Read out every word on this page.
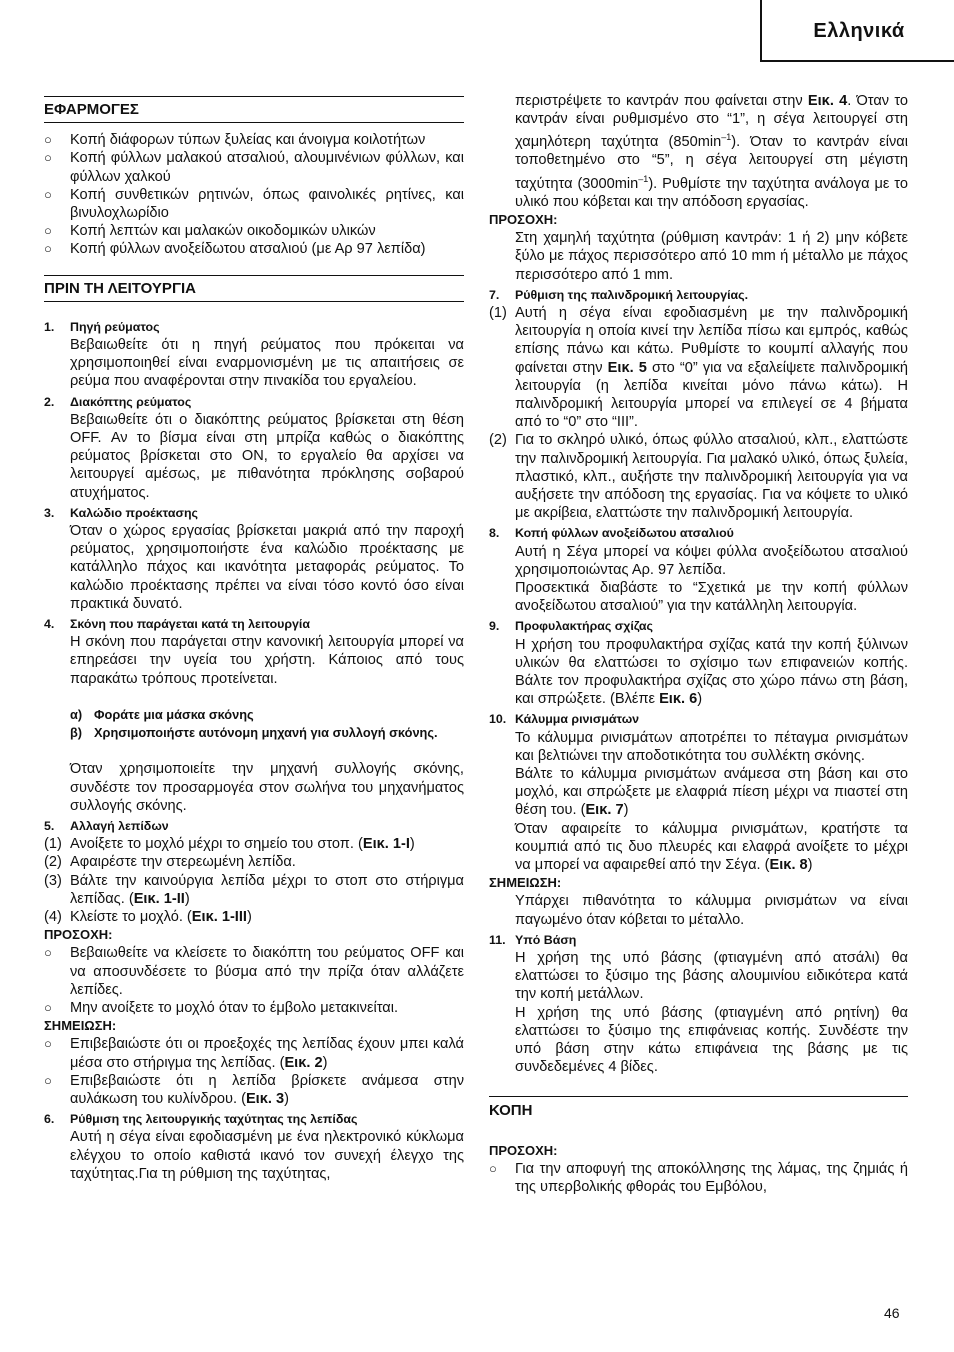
Ελληνικά
ΕΦΑΡΜΟΓΕΣ
○	Κοπή διάφορων τύπων ξυλείας και άνοιγμα κοιλοτήτων
○	Κοπή φύλλων μαλακού ατσαλιού, αλουμινένιων φύλλων, και φύλλων χαλκού
○	Κοπή συνθετικών ρητινών, όπως φαινολικές ρητίνες, και βινυλοχλωρίδιο
○	Κοπή λεπτών και μαλακών οικοδομικών υλικών
○	Κοπή φύλλων ανοξείδωτου ατσαλιού (με Αρ 97 λεπίδα)
ΠΡΙΝ ΤΗ ΛΕΙΤΟΥΡΓΙΑ
1.	Πηγή ρεύματος
Βεβαιωθείτε ότι η πηγή ρεύματος που πρόκειται να χρησιμοποιηθεί είναι εναρμονισμένη με τις απαιτήσεις σε ρεύμα που αναφέρονται στην πινακίδα του εργαλείου.
2.	Διακόπτης ρεύματος
Βεβαιωθείτε ότι ο διακόπτης ρεύματος βρίσκεται στη θέση OFF. Αν το βίσμα είναι στη μπρίζα καθώς ο διακόπτης ρεύματος βρίσκεται στο ON, το εργαλείο θα αρχίσει να λειτουργεί αμέσως, με πιθανότητα πρόκλησης σοβαρού ατυχήματος.
3.	Καλώδιο προέκτασης
Όταν ο χώρος εργασίας βρίσκεται μακριά από την παροχή ρεύματος, χρησιμοποιήστε ένα καλώδιο προέκτασης με κατάλληλο πάχος και ικανότητα μεταφοράς ρεύματος. Το καλώδιο προέκτασης πρέπει να είναι τόσο κοντό όσο είναι πρακτικά δυνατό.
4.	Σκόνη που παράγεται κατά τη λειτουργία
Η σκόνη που παράγεται στην κανονική λειτουργία μπορεί να επηρεάσει την υγεία του χρήστη. Κάποιος από τους παρακάτω τρόπους προτείνεται.
α) Φοράτε μια μάσκα σκόνης
β) Χρησιμοποιήστε αυτόνομη μηχανή για συλλογή σκόνης.
Όταν χρησιμοποιείτε την μηχανή συλλογής σκόνης, συνδέστε τον προσαρμογέα στον σωλήνα του μηχανήματος συλλογής σκόνης.
5.	Αλλαγή λεπίδων
(1) Ανοίξετε το μοχλό μέχρι το σημείο του στοπ. (Εικ. 1-I)
(2) Αφαιρέστε την στερεωμένη λεπίδα.
(3) Βάλτε την καινούργια λεπίδα μέχρι το στοπ στο στήριγμα λεπίδας. (Εικ. 1-II)
(4) Κλείστε το μοχλό. (Εικ. 1-III)
ΠΡΟΣΟΧΗ:
○	Βεβαιωθείτε να κλείσετε το διακόπτη του ρεύματος OFF και να αποσυνδέσετε το βύσμα από την πρίζα όταν αλλάζετε λεπίδες.
○	Μην ανοίξετε το μοχλό όταν το έμβολο μετακινείται.
ΣΗΜΕΙΩΣΗ:
○	Επιβεβαιώστε ότι οι προεξοχές της λεπίδας έχουν μπει καλά μέσα στο στήριγμα της λεπίδας. (Εικ. 2)
○	Επιβεβαιώστε ότι η λεπίδα βρίσκετε ανάμεσα στην αυλάκωση του κυλίνδρου. (Εικ. 3)
6.	Ρύθμιση της λειτουργικής ταχύτητας της λεπίδας
Αυτή η σέγα είναι εφοδιασμένη με ένα ηλεκτρονικό κύκλωμα ελέγχου το οποίο καθιστά ικανό τον συνεχή έλεγχο της ταχύτητας.Για τη ρύθμιση της ταχύτητας,
περιστρέψετε το καντράν που φαίνεται στην Εικ. 4. Όταν το καντράν είναι ρυθμισμένο στο “1”, η σέγα λειτουργεί στη χαμηλότερη ταχύτητα $(850\min^{-1})$. Όταν το καντράν είναι τοποθετημένο στο “5”, η σέγα λειτουργεί στη μέγιστη ταχύτητα $(3000\min^{-1})$. Ρυθμίστε την ταχύτητα ανάλογα με το υλικό που κόβεται και την απόδοση εργασίας.
ΠΡΟΣΟΧΗ:
Στη χαμηλή ταχύτητα (ρύθμιση καντράν: 1 ή 2) μην κόβετε ξύλο με πάχος περισσότερο από 10 mm ή μέταλλο με πάχος περισσότερο από 1 mm.
7.	Ρύθμιση της παλινδρομική λειτουργίας.
(1) Αυτή η σέγα είναι εφοδιασμένη με την παλινδρομική λειτουργία η οποία κινεί την λεπίδα πίσω και εμπρός, καθώς επίσης πάνω και κάτω. Ρυθμίστε το κουμπί αλλαγής που φαίνεται στην Εικ. 5 στο “0” για να εξαλείψετε παλινδρομική λειτουργία (η λεπίδα κινείται μόνο πάνω κάτω). Η παλινδρομική λειτουργία μπορεί να επιλεγεί σε 4 βήματα από το “0” στο “III”.
(2) Για το σκληρό υλικό, όπως φύλλο ατσαλιού, κλπ., ελαττώστε την παλινδρομική λειτουργία. Για μαλακό υλικό, όπως ξυλεία, πλαστικό, κλπ., αυξήστε την παλινδρομική λειτουργία για να αυξήσετε την απόδοση της εργασίας. Για να κόψετε το υλικό με ακρίβεια, ελαττώστε την παλινδρομική λειτουργία.
8.	Κοπή φύλλων ανοξείδωτου ατσαλιού
Αυτή η Σέγα μπορεί να κόψει φύλλα ανοξείδωτου ατσαλιού χρησιμοποιώντας Αρ. 97 λεπίδα.
Προσεκτικά διαβάστε το “Σχετικά με την κοπή φύλλων ανοξείδωτου ατσαλιού” για την κατάλληλη λειτουργία.
9.	Προφυλακτήρας σχίζας
Η χρήση του προφυλακτήρα σχίζας κατά την κοπή ξύλινων υλικών θα ελαττώσει το σχίσιμο των επιφανειών κοπής. Βάλτε τον προφυλακτήρα σχίζας στο χώρο πάνω στη βάση, και σπρώξετε. (Βλέπε Εικ. 6)
10. Κάλυμμα ρινισμάτων
Το κάλυμμα ρινισμάτων αποτρέπει το πέταγμα ρινισμάτων και βελτιώνει την αποδοτικότητα του συλλέκτη σκόνης.
Βάλτε το κάλυμμα ρινισμάτων ανάμεσα στη βάση και στο μοχλό, και σπρώξετε με ελαφριά πίεση μέχρι να πιαστεί στη θέση του. (Εικ. 7)
Όταν αφαιρείτε το κάλυμμα ρινισμάτων, κρατήστε τα κουμπιά από τις δυο πλευρές και ελαφρά ανοίξετε το μέχρι να μπορεί να αφαιρεθεί από την Σέγα. (Εικ. 8)
ΣΗΜΕΙΩΣΗ:
Υπάρχει πιθανότητα το κάλυμμα ρινισμάτων να είναι παγωμένο όταν κόβεται το μέταλλο.
11. Υπό Βάση
Η χρήση της υπό βάσης (φτιαγμένη από ατσάλι) θα ελαττώσει το ξύσιμο της βάσης αλουμινίου ειδικότερα κατά την κοπή μετάλλων.
Η χρήση της υπό βάσης (φτιαγμένη από ρητίνη) θα ελαττώσει το ξύσιμο της επιφάνειας κοπής. Συνδέστε την υπό βάση στην κάτω επιφάνεια της βάσης με τις συνδεδεμένες 4 βίδες.
ΚΟΠΗ
ΠΡΟΣΟΧΗ:
○	Για την αποφυγή της αποκόλλησης της λάμας, της ζημιάς ή της υπερβολικής φθοράς του Εμβόλου,
46
